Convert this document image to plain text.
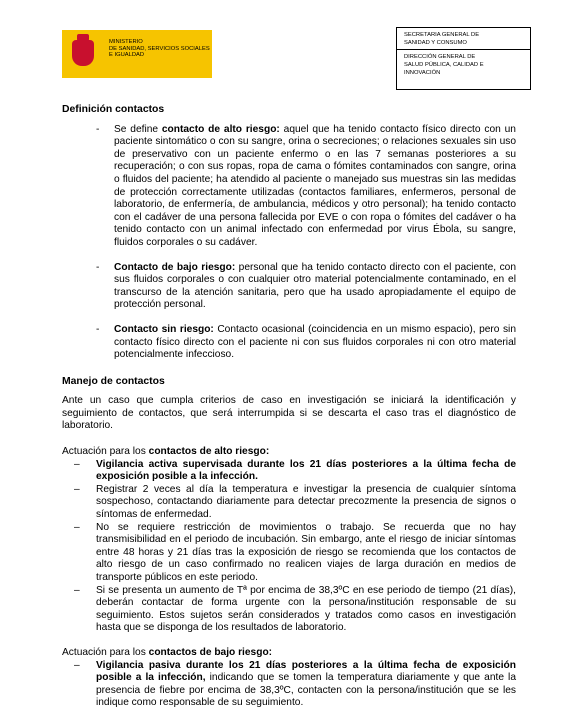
MINISTERIO
DE SANIDAD, SERVICIOS SOCIALES
E IGUALDAD
SECRETARIA GENERAL DE
SANIDAD Y CONSUMO
DIRECCIÓN GENERAL DE
SALUD PÚBLICA, CALIDAD E
INNOVACIÓN
Definición contactos
- Se define contacto de alto riesgo: aquel que ha tenido contacto físico directo con un paciente sintomático o con su sangre, orina o secreciones; o relaciones sexuales sin uso de preservativo con un paciente enfermo o en las 7 semanas posteriores a su recuperación; o con sus ropas, ropa de cama o fómites contaminados con sangre, orina o fluidos del paciente; ha atendido al paciente o manejado sus muestras sin las medidas de protección correctamente utilizadas (contactos familiares, enfermeros, personal de laboratorio, de enfermería, de ambulancia, médicos y otro personal); ha tenido contacto con el cadáver de una persona fallecida por EVE o con ropa o fómites del cadáver o ha tenido contacto con un animal infectado con enfermedad por virus Ébola, su sangre, fluidos corporales o su cadáver.
- Contacto de bajo riesgo: personal que ha tenido contacto directo con el paciente, con sus fluidos corporales o con cualquier otro material potencialmente contaminado, en el transcurso de la atención sanitaria, pero que ha usado apropiadamente el equipo de protección personal.
- Contacto sin riesgo: Contacto ocasional (coincidencia en un mismo espacio), pero sin contacto físico directo con el paciente ni con sus fluidos corporales ni con otro material potencialmente infeccioso.
Manejo de contactos

Ante un caso que cumpla criterios de caso en investigación se iniciará la identificación y seguimiento de contactos, que será interrumpida si se descarta el caso tras el diagnóstico de laboratorio.

Actuación para los contactos de alto riesgo:

– Vigilancia activa supervisada durante los 21 días posteriores a la última fecha de exposición posible a la infección.
– Registrar 2 veces al día la temperatura e investigar la presencia de cualquier síntoma sospechoso, contactando diariamente para detectar precozmente la presencia de signos o síntomas de enfermedad.
– No se requiere restricción de movimientos o trabajo. Se recuerda que no hay transmisibilidad en el periodo de incubación. Sin embargo, ante el riesgo de iniciar síntomas entre 48 horas y 21 días tras la exposición de riesgo se recomienda que los contactos de alto riesgo de un caso confirmado no realicen viajes de larga duración en medios de transporte públicos en este periodo.
– Si se presenta un aumento de Tª por encima de 38,3ºC en ese periodo de tiempo (21 días), deberán contactar de forma urgente con la persona/institución responsable de su seguimiento. Estos sujetos serán considerados y tratados como casos en investigación hasta que se disponga de los resultados de laboratorio.

Actuación para los contactos de bajo riesgo:

– Vigilancia pasiva durante los 21 días posteriores a la última fecha de exposición posible a la infección, indicando que se tomen la temperatura diariamente y que ante la presencia de fiebre por encima de 38,3ºC, contacten con la persona/institución que se les indique como responsable de su seguimiento.
